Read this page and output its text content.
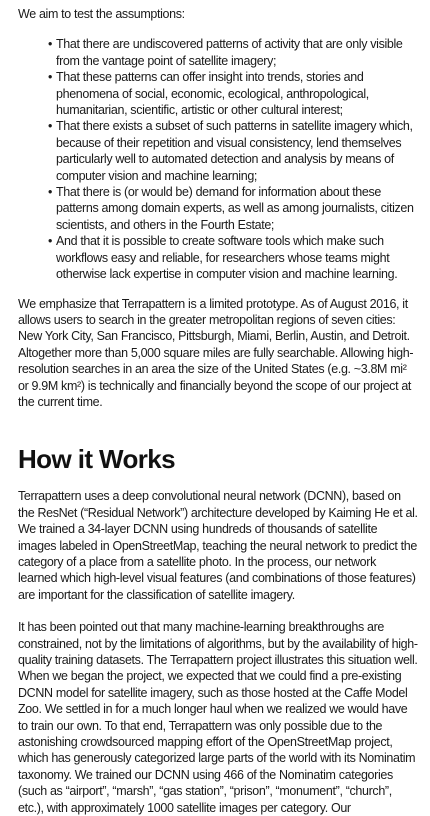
We aim to test the assumptions:

• That there are undiscovered patterns of activity that are only visible from the vantage point of satellite imagery;
• That these patterns can offer insight into trends, stories and phenomena of social, economic, ecological, anthropological, humanitarian, scientific, artistic or other cultural interest;
• That there exists a subset of such patterns in satellite imagery which, because of their repetition and visual consistency, lend themselves particularly well to automated detection and analysis by means of computer vision and machine learning;
• That there is (or would be) demand for information about these patterns among domain experts, as well as among journalists, citizen scientists, and others in the Fourth Estate;
• And that it is possible to create software tools which make such workflows easy and reliable, for researchers whose teams might otherwise lack expertise in computer vision and machine learning.

We emphasize that Terrapattern is a limited prototype. As of August 2016, it allows users to search in the greater metropolitan regions of seven cities: New York City, San Francisco, Pittsburgh, Miami, Berlin, Austin, and Detroit. Altogether more than 5,000 square miles are fully searchable. Allowing high-resolution searches in an area the size of the United States (e.g. ~3.8M mi² or 9.9M km²) is technically and financially beyond the scope of our project at the current time.

How it Works

Terrapattern uses a deep convolutional neural network (DCNN), based on the ResNet (“Residual Network”) architecture developed by Kaiming He et al. We trained a 34-layer DCNN using hundreds of thousands of satellite images labeled in OpenStreetMap, teaching the neural network to predict the category of a place from a satellite photo. In the process, our network learned which high-level visual features (and combinations of those features) are important for the classification of satellite imagery.

It has been pointed out that many machine-learning breakthroughs are constrained, not by the limitations of algorithms, but by the availability of high-quality training datasets. The Terrapattern project illustrates this situation well. When we began the project, we expected that we could find a pre-existing DCNN model for satellite imagery, such as those hosted at the Caffe Model Zoo. We settled in for a much longer haul when we realized we would have to train our own. To that end, Terrapattern was only possible due to the astonishing crowdsourced mapping effort of the OpenStreetMap project, which has generously categorized large parts of the world with its Nominatim taxonomy. We trained our DCNN using 466 of the Nominatim categories (such as “airport”, “marsh”, “gas station”, “prison”, “monument”, “church”, etc.), with approximately 1000 satellite images per category. Our
